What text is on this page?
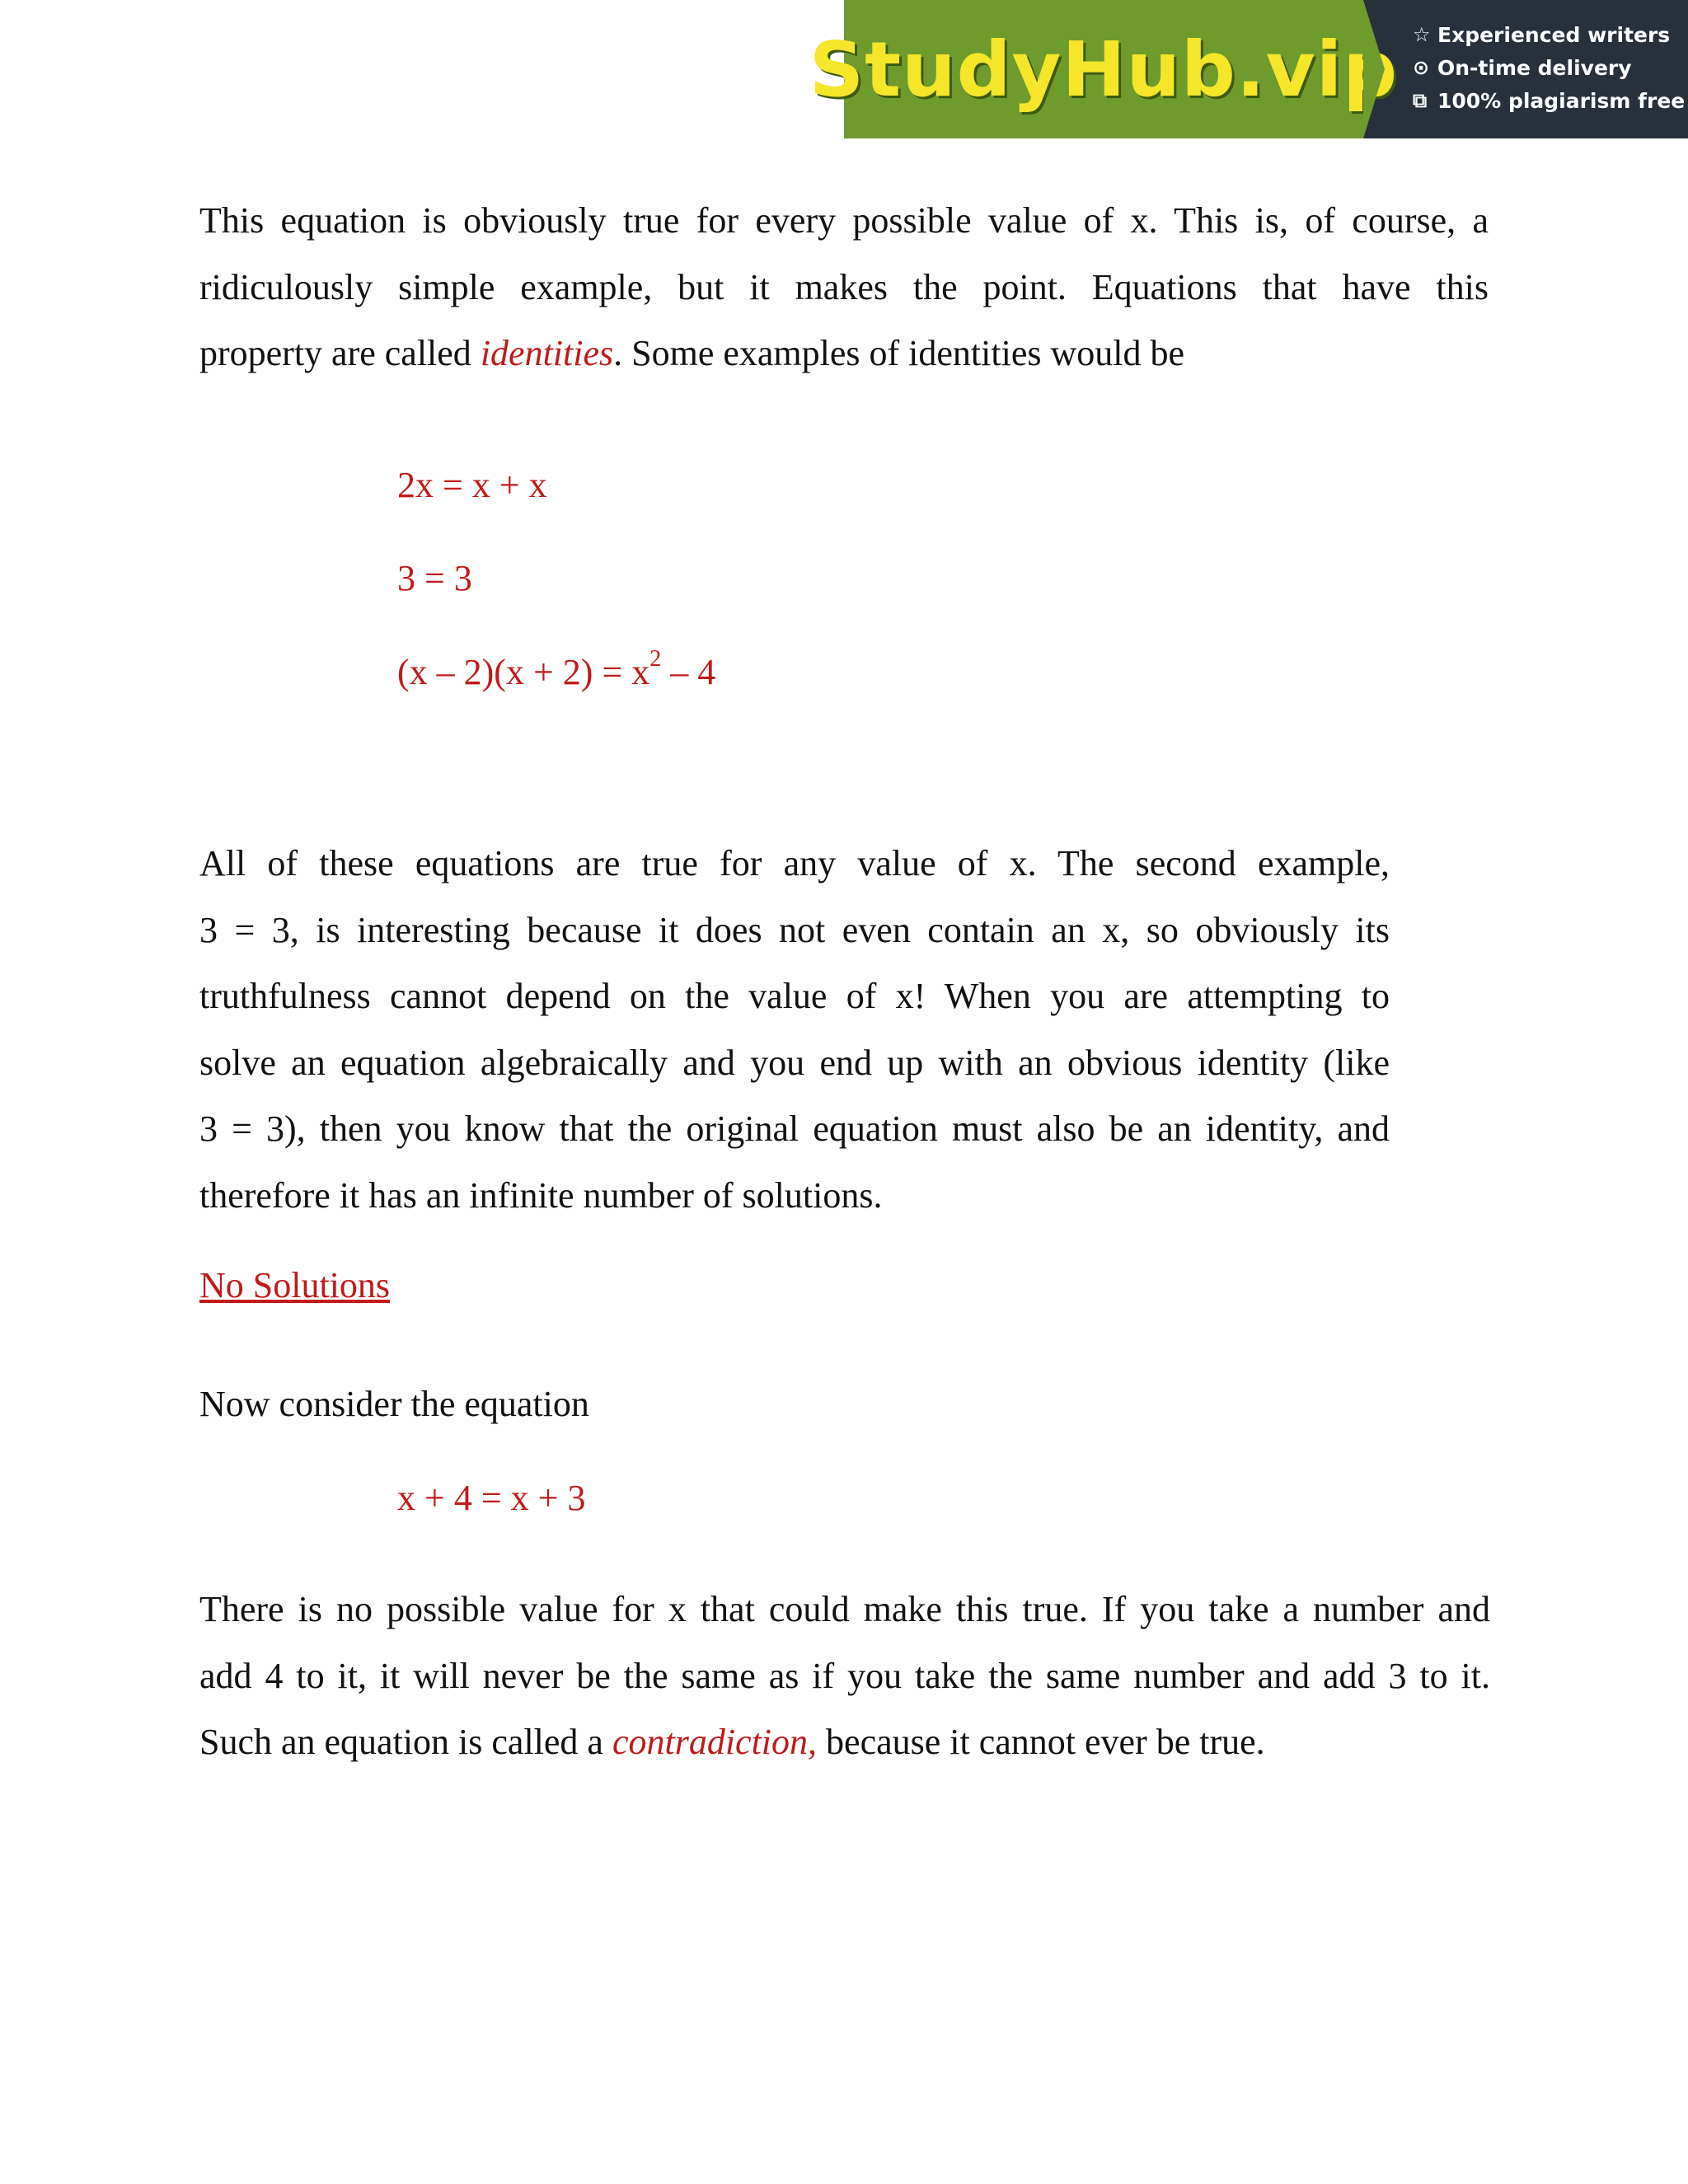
StudyHub.vip ☆ Experienced writers
⊙ On-time delivery
⧉ 100% plagiarism free

This equation is obviously true for every possible value of x. This is, of course, a
ridiculously simple example, but it makes the point. Equations that have this
property are called identities. Some examples of identities would be

2x = x + x

3 = 3

$(x - 2)(x + 2) = x^2 - 4$

All of these equations are true for any value of x. The second example,
3 = 3, is interesting because it does not even contain an x, so obviously its
truthfulness cannot depend on the value of x! When you are attempting to
solve an equation algebraically and you end up with an obvious identity (like
3 = 3), then you know that the original equation must also be an identity, and
therefore it has an infinite number of solutions.

No Solutions

Now consider the equation

x + 4 = x + 3

There is no possible value for x that could make this true. If you take a number and
add 4 to it, it will never be the same as if you take the same number and add 3 to it.
Such an equation is called a contradiction, because it cannot ever be true.
